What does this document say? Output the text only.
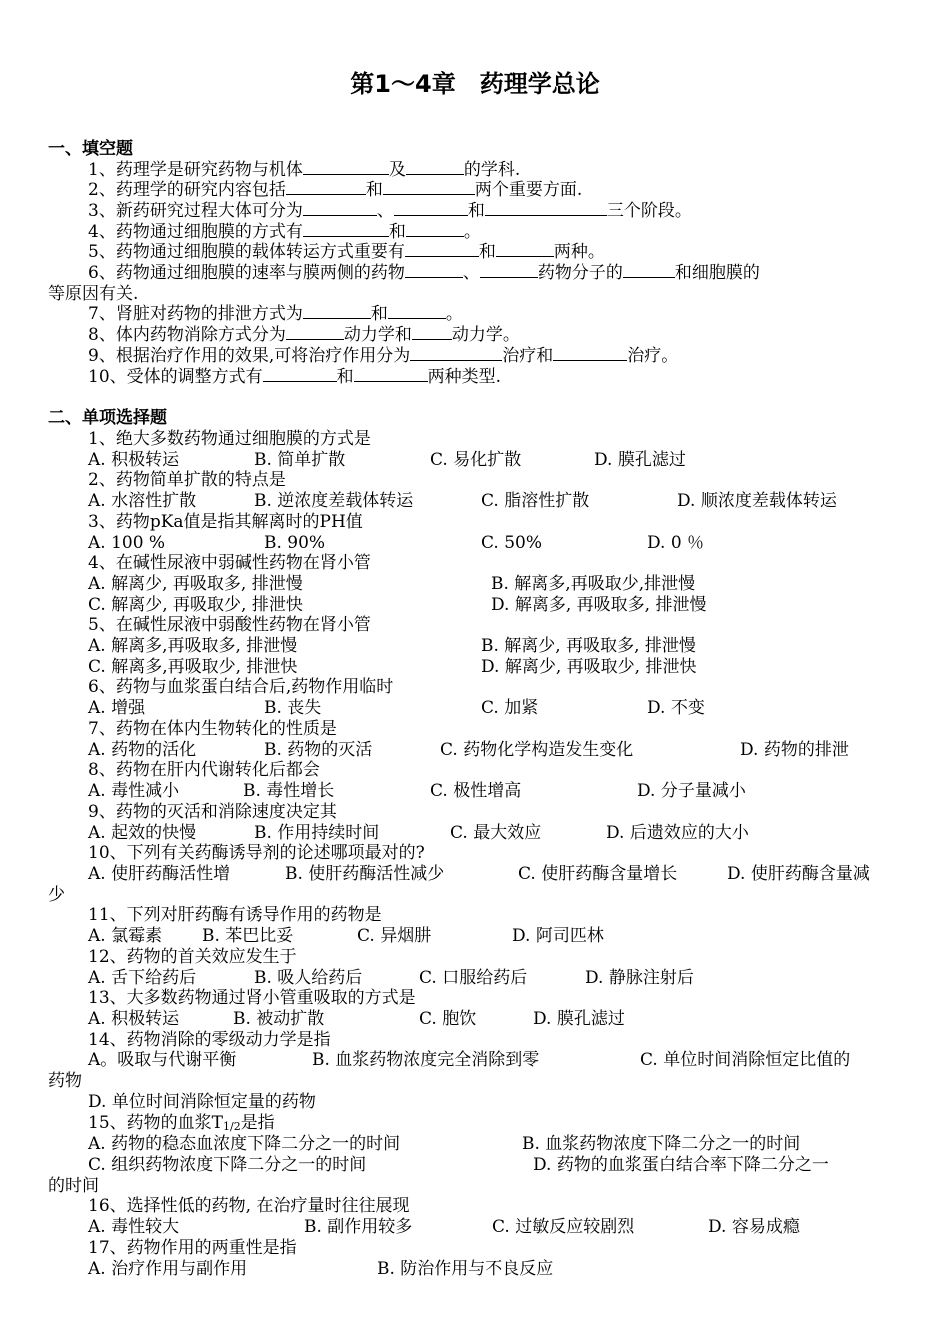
第1～4章 药理学总论
一、填空题
1、药理学是研究药物与机体	及	的学科.
2、药理学的研究内容包括	和	两个重要方面.
3、新药研究过程大体可分为	、	和	三个阶段。
4、药物通过细胞膜的方式有	和	。
5、药物通过细胞膜的载体转运方式重要有	和	两种。
6、药物通过细胞膜的速率与膜两侧的药物	、	药物分子的	和细胞膜的
等原因有关.
7、肾脏对药物的排泄方式为	和	。
8、体内药物消除方式分为	动力学和 动力学。
9、根据治疗作用的效果,可将治疗作用分为	治疗和	治疗。
10、受体的调整方式有	和	两种类型.
二、单项选择题
1、绝大多数药物通过细胞膜的方式是
A. 积极转运	B. 简单扩散	C. 易化扩散	D. 膜孔滤过
2、药物简单扩散的特点是
A. 水溶性扩散	B. 逆浓度差载体转运	C. 脂溶性扩散	D. 顺浓度差载体转运
3、药物pKa值是指其解离时的PH值
A. 100 %	B. 90%	C. 50%	D. 0 ％
4、在碱性尿液中弱碱性药物在肾小管
A. 解离少, 再吸取多, 排泄慢	B. 解离多,再吸取少,排泄慢
C. 解离少, 再吸取少, 排泄快	D. 解离多, 再吸取多, 排泄慢
5、在碱性尿液中弱酸性药物在肾小管
A. 解离多,再吸取多, 排泄慢	B. 解离少, 再吸取多, 排泄慢
C. 解离多,再吸取少, 排泄快	D. 解离少, 再吸取少, 排泄快
6、药物与血浆蛋白结合后,药物作用临时
A. 增强	B. 丧失	C. 加紧	D. 不变
7、药物在体内生物转化的性质是
A. 药物的活化	B. 药物的灭活	C. 药物化学构造发生变化	D. 药物的排泄
8、药物在肝内代谢转化后都会
A. 毒性减小	B. 毒性增长	C. 极性增高	D. 分子量减小
9、药物的灭活和消除速度决定其
A. 起效的快慢	B. 作用持续时间	C. 最大效应	D. 后遗效应的大小
10、下列有关药酶诱导剂的论述哪项最对的?
A. 使肝药酶活性增	B. 使肝药酶活性减少	C. 使肝药酶含量增长	D. 使肝药酶含量减
少
11、下列对肝药酶有诱导作用的药物是
A. 氯霉素 B. 苯巴比妥	C. 异烟肼	D. 阿司匹林
12、药物的首关效应发生于
A. 舌下给药后	B. 吸人给药后	C. 口服给药后	D. 静脉注射后
13、大多数药物通过肾小管重吸取的方式是
A. 积极转运	B. 被动扩散	C. 胞饮	D. 膜孔滤过
14、药物消除的零级动力学是指
A。吸取与代谢平衡	B. 血浆药物浓度完全消除到零	C. 单位时间消除恒定比值的
药物
D. 单位时间消除恒定量的药物
15、药物的血浆T1/2是指
A. 药物的稳态血浓度下降二分之一的时间	B. 血浆药物浓度下降二分之一的时间
C. 组织药物浓度下降二分之一的时间	D. 药物的血浆蛋白结合率下降二分之一
的时间
16、选择性低的药物, 在治疗量时往往展现
A. 毒性较大	B. 副作用较多	C. 过敏反应较剧烈	D. 容易成瘾
17、药物作用的两重性是指
A. 治疗作用与副作用	B. 防治作用与不良反应
